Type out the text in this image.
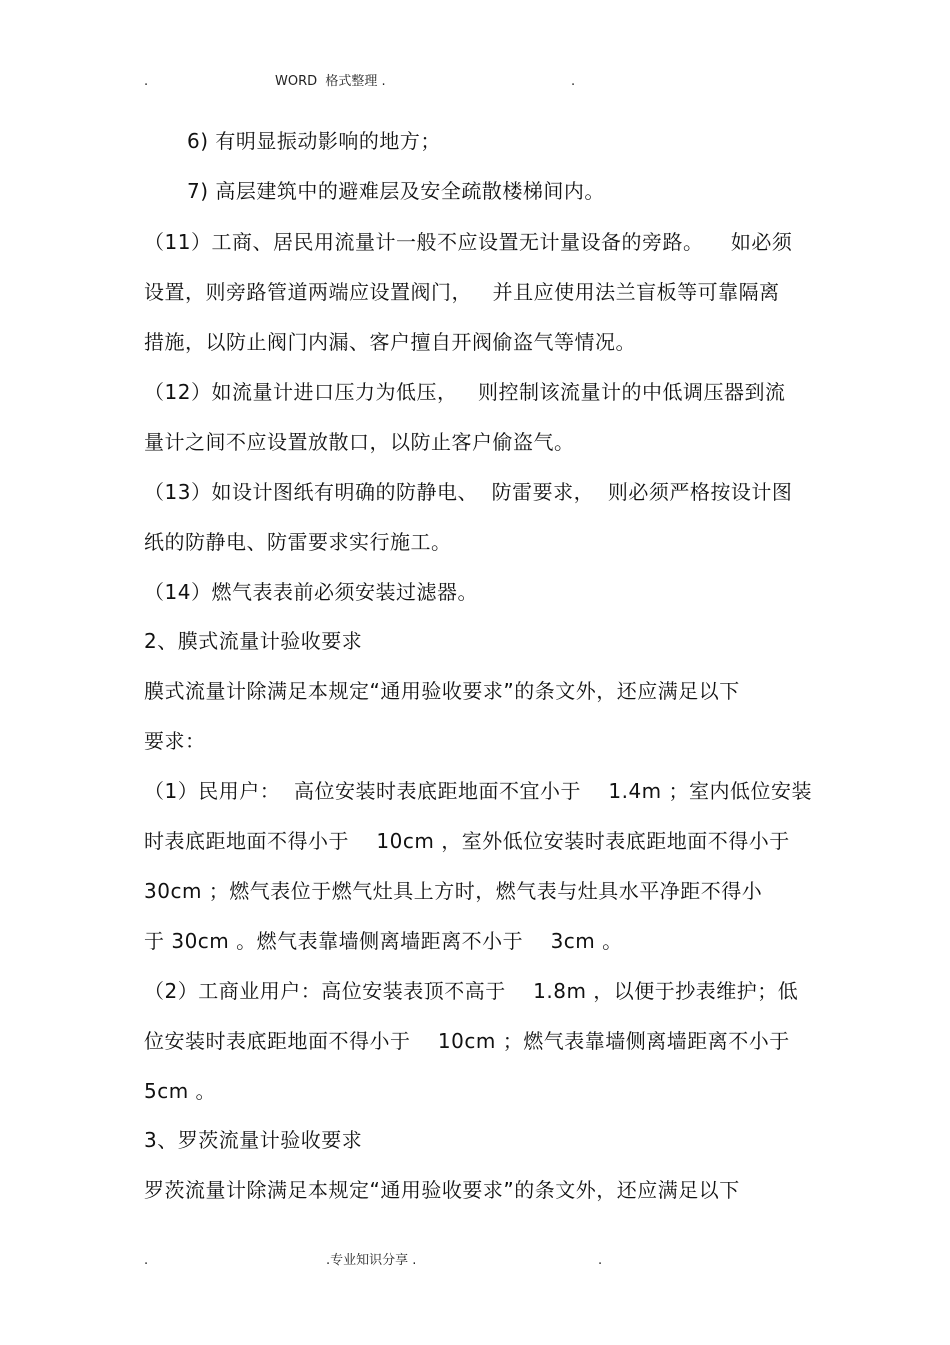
.	WORD  格式整理 .	.
6) 有明显振动影响的地方；
7) 高层建筑中的避难层及安全疏散楼梯间内。
（11）工商、居民用流量计一般不应设置无计量设备的旁路。    如必须
设置，则旁路管道两端应设置阀门，   并且应使用法兰盲板等可靠隔离
措施，以防止阀门内漏、客户擅自开阀偷盗气等情况。
（12）如流量计进口压力为低压，   则控制该流量计的中低调压器到流
量计之间不应设置放散口，以防止客户偷盗气。
（13）如设计图纸有明确的防静电、  防雷要求，  则必须严格按设计图
纸的防静电、防雷要求实行施工。
（14）燃气表表前必须安装过滤器。
2、膜式流量计验收要求
膜式流量计除满足本规定“通用验收要求”的条文外，还应满足以下
要求：
（1）民用户：  高位安装时表底距地面不宜小于    1.4m ；室内低位安装
时表底距地面不得小于    10cm ，室外低位安装时表底距地面不得小于
30cm ；燃气表位于燃气灶具上方时，燃气表与灶具水平净距不得小
于 30cm 。燃气表靠墙侧离墙距离不小于    3cm 。
（2）工商业用户：高位安装表顶不高于    1.8m ，以便于抄表维护；低
位安装时表底距地面不得小于    10cm ；燃气表靠墙侧离墙距离不小于
5cm 。
3、罗茨流量计验收要求
罗茨流量计除满足本规定“通用验收要求”的条文外，还应满足以下
.	.专业知识分享 .	.
